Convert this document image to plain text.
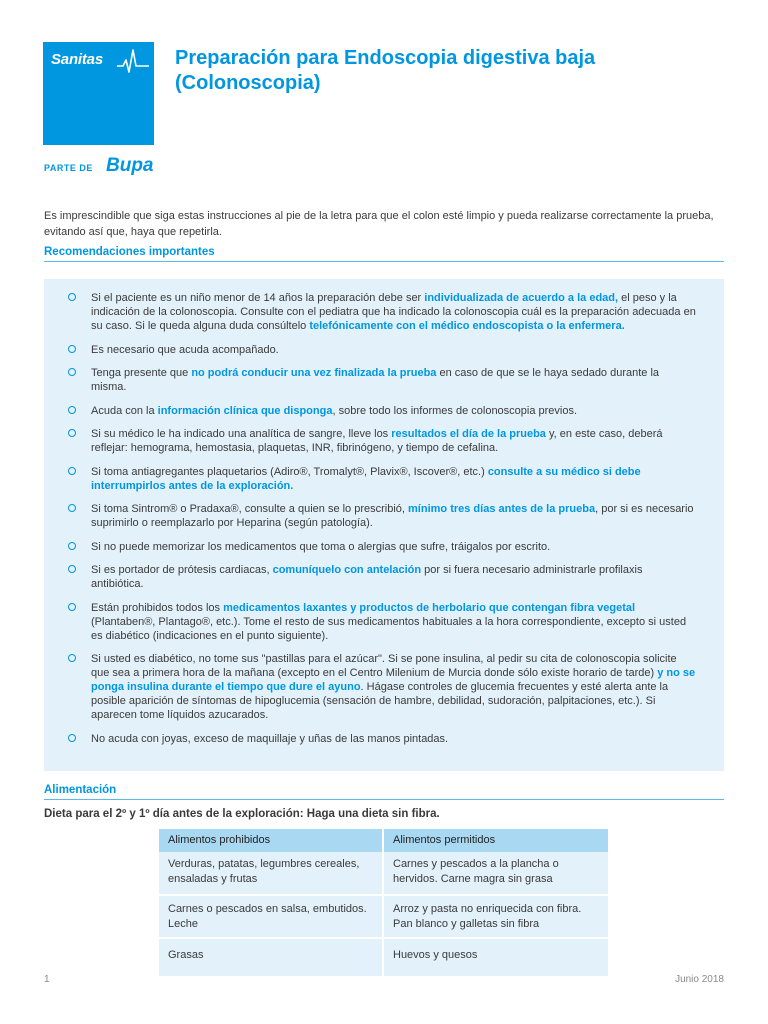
Sanitas
PARTE DE Bupa
Preparación para Endoscopia digestiva baja (Colonoscopia)

Es imprescindible que siga estas instrucciones al pie de la letra para que el colon esté limpio y pueda realizarse correctamente la prueba, evitando así que, haya que repetirla.

Recomendaciones importantes
Si el paciente es un niño menor de 14 años la preparación debe ser individualizada de acuerdo a la edad, el peso y la indicación de la colonoscopia. Consulte con el pediatra que ha indicado la colonoscopia cuál es la preparación adecuada en su caso. Si le queda alguna duda consúltelo telefónicamente con el médico endoscopista o la enfermera.
Es necesario que acuda acompañado.
Tenga presente que no podrá conducir una vez finalizada la prueba en caso de que se le haya sedado durante la misma.
Acuda con la información clínica que disponga, sobre todo los informes de colonoscopia previos.
Si su médico le ha indicado una analítica de sangre, lleve los resultados el día de la prueba y, en este caso, deberá reflejar: hemograma, hemostasia, plaquetas, INR, fibrinógeno, y tiempo de cefalina.
Si toma antiagregantes plaquetarios (Adiro®, Tromalyt®, Plavix®, Iscover®, etc.) consulte a su médico si debe interrumpirlos antes de la exploración.
Si toma Sintrom® o Pradaxa®, consulte a quien se lo prescribió, mínimo tres días antes de la prueba, por si es necesario suprimirlo o reemplazarlo por Heparina (según patología).
Si no puede memorizar los medicamentos que toma o alergias que sufre, tráigalos por escrito.
Si es portador de prótesis cardiacas, comuníquelo con antelación por si fuera necesario administrarle profilaxis antibiótica.
Están prohibidos todos los medicamentos laxantes y productos de herbolario que contengan fibra vegetal (Plantaben®, Plantago®, etc.). Tome el resto de sus medicamentos habituales a la hora correspondiente, excepto si usted es diabético (indicaciones en el punto siguiente).
Si usted es diabético, no tome sus "pastillas para el azúcar". Si se pone insulina, al pedir su cita de colonoscopia solicite que sea a primera hora de la mañana (excepto en el Centro Milenium de Murcia donde sólo existe horario de tarde) y no se ponga insulina durante el tiempo que dure el ayuno. Hágase controles de glucemia frecuentes y esté alerta ante la posible aparición de síntomas de hipoglucemia (sensación de hambre, debilidad, sudoración, palpitaciones, etc.). Si aparecen tome líquidos azucarados.
No acuda con joyas, exceso de maquillaje y uñas de las manos pintadas.
Alimentación
Dieta para el 2º y 1º día antes de la exploración: Haga una dieta sin fibra.
Alimentos prohibidos	Alimentos permitidos
Verduras, patatas, legumbres cereales, ensaladas y frutas	Carnes y pescados a la plancha o hervidos. Carne magra sin grasa
Carnes o pescados en salsa, embutidos. Leche	Arroz y pasta no enriquecida con fibra. Pan blanco y galletas sin fibra
Grasas	Huevos y quesos
1	Junio 2018
